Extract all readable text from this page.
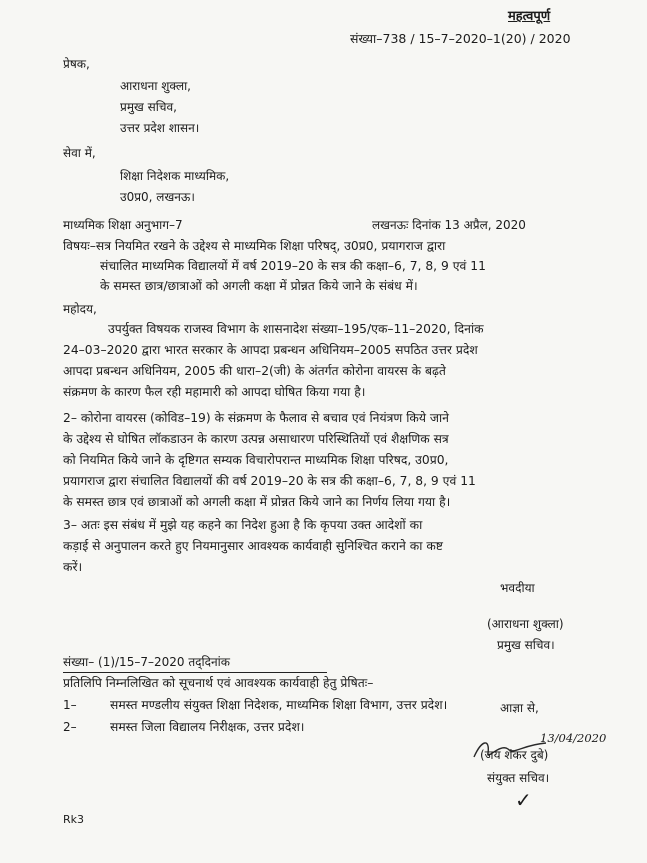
महत्वपूर्ण
संख्या–738 / 15–7–2020–1(20) / 2020
प्रेषक,
आराधना शुक्ला,
प्रमुख सचिव,
उत्तर प्रदेश शासन।
सेवा में,
शिक्षा निदेशक माध्यमिक,
उ0प्र0, लखनऊ।
माध्यमिक शिक्षा अनुभाग–7	लखनऊः दिनांक 13 अप्रैल, 2020
विषयः–सत्र नियमित रखने के उद्देश्य से माध्यमिक शिक्षा परिषद्, उ0प्र0, प्रयागराज द्वारा
संचालित माध्यमिक विद्यालयों में वर्ष 2019–20 के सत्र की कक्षा–6, 7, 8, 9 एवं 11
के समस्त छात्र/छात्राओं को अगली कक्षा में प्रोन्नत किये जाने के संबंध में।
महोदय,
उपर्युक्त विषयक राजस्व विभाग के शासनादेश संख्या–195/एक–11–2020, दिनांक
24–03–2020 द्वारा भारत सरकार के आपदा प्रबन्धन अधिनियम–2005 सपठित उत्तर प्रदेश
आपदा प्रबन्धन अधिनियम, 2005 की धारा–2(जी) के अंतर्गत कोरोना वायरस के बढ़ते
संक्रमण के कारण फैल रही महामारी को आपदा घोषित किया गया है।
2– कोरोना वायरस (कोविड–19) के संक्रमण के फैलाव से बचाव एवं नियंत्रण किये जाने
के उद्देश्य से घोषित लॉकडाउन के कारण उत्पन्न असाधारण परिस्थितियों एवं शैक्षणिक सत्र
को नियमित किये जाने के दृष्टिगत सम्यक विचारोपरान्त माध्यमिक शिक्षा परिषद, उ0प्र0,
प्रयागराज द्वारा संचालित विद्यालयों की वर्ष 2019–20 के सत्र की कक्षा–6, 7, 8, 9 एवं 11
के समस्त छात्र एवं छात्राओं को अगली कक्षा में प्रोन्नत किये जाने का निर्णय लिया गया है।
3– अतः इस संबंध में मुझे यह कहने का निदेश हुआ है कि कृपया उक्त आदेशों का
कड़ाई से अनुपालन करते हुए नियमानुसार आवश्यक कार्यवाही सुनिश्चित कराने का कष्ट
करें।
भवदीया
(आराधना शुक्ला)
प्रमुख सचिव।
संख्या– (1)/15–7–2020 तद्‌दिनांक
प्रतिलिपि निम्नलिखित को सूचनार्थ एवं आवश्यक कार्यवाही हेतु प्रेषितः–
1–	समस्त मण्डलीय संयुक्त शिक्षा निदेशक, माध्यमिक शिक्षा विभाग, उत्तर प्रदेश।
2–	समस्त जिला विद्यालय निरीक्षक, उत्तर प्रदेश।
आज्ञा से,
13/04/2020
(जय शंकर दुबे)
संयुक्त सचिव।
✓
Rk3
